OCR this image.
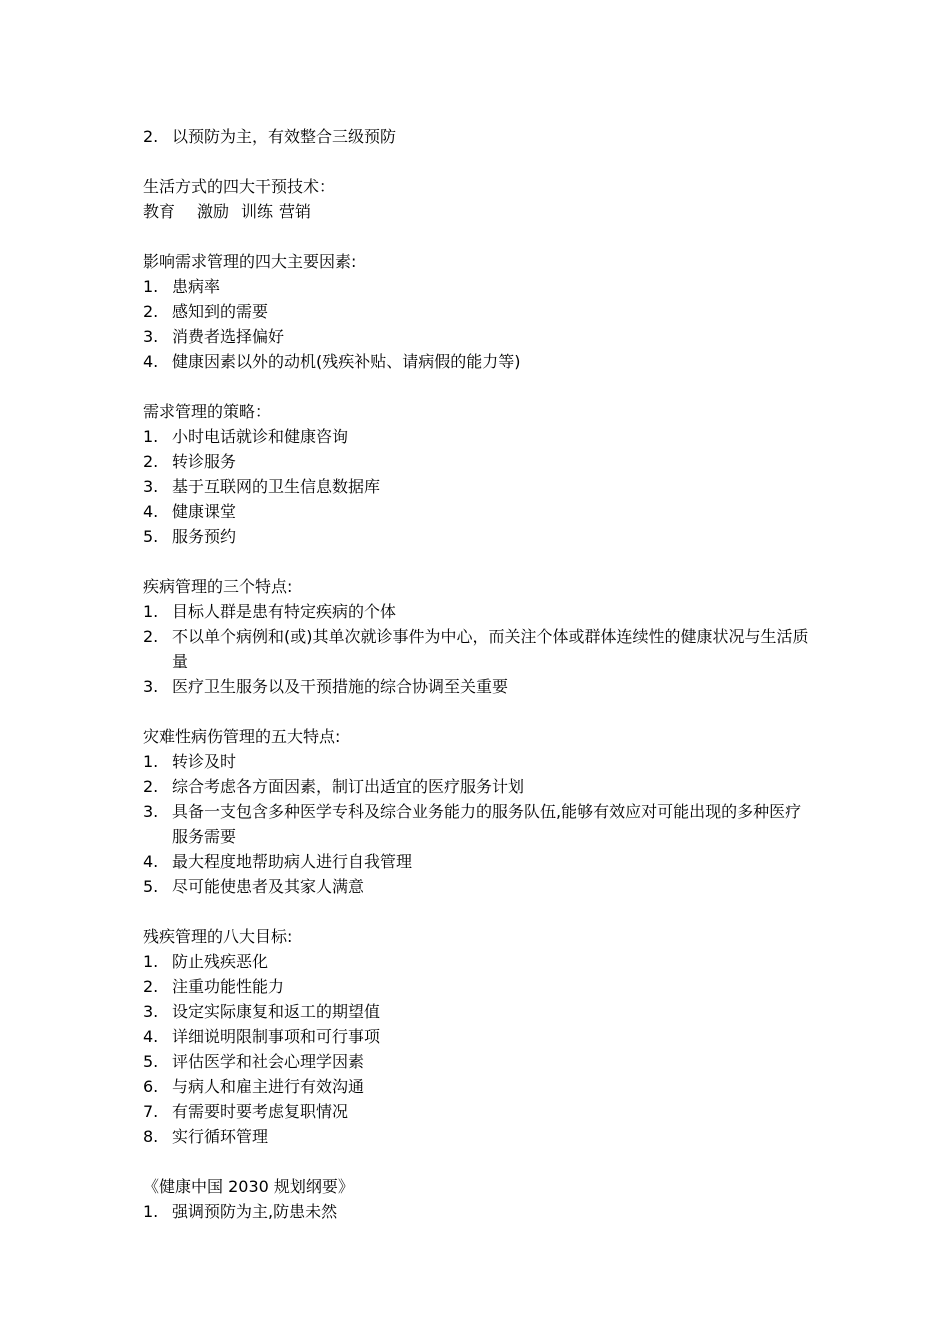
2. 以预防为主，有效整合三级预防

生活方式的四大干预技术：

教育 激励 训练 营销

影响需求管理的四大主要因素:

1. 患病率
2. 感知到的需要
3. 消费者选择偏好
4. 健康因素以外的动机(残疾补贴、请病假的能力等)

需求管理的策略：

1. 小时电话就诊和健康咨询
2. 转诊服务
3. 基于互联网的卫生信息数据库
4. 健康课堂
5. 服务预约

疾病管理的三个特点:

1. 目标人群是患有特定疾病的个体
2. 不以单个病例和(或)其单次就诊事件为中心，而关注个体或群体连续性的健康状况与生活质量
3. 医疗卫生服务以及干预措施的综合协调至关重要

灾难性病伤管理的五大特点:

1. 转诊及时
2. 综合考虑各方面因素，制订出适宜的医疗服务计划
3. 具备一支包含多种医学专科及综合业务能力的服务队伍,能够有效应对可能出现的多种医疗服务需要
4. 最大程度地帮助病人进行自我管理
5. 尽可能使患者及其家人满意

残疾管理的八大目标:

1. 防止残疾恶化
2. 注重功能性能力
3. 设定实际康复和返工的期望值
4. 详细说明限制事项和可行事项
5. 评估医学和社会心理学因素
6. 与病人和雇主进行有效沟通
7. 有需要时要考虑复职情况
8. 实行循环管理

《健康中国 2030 规划纲要》

1. 强调预防为主,防患未然
